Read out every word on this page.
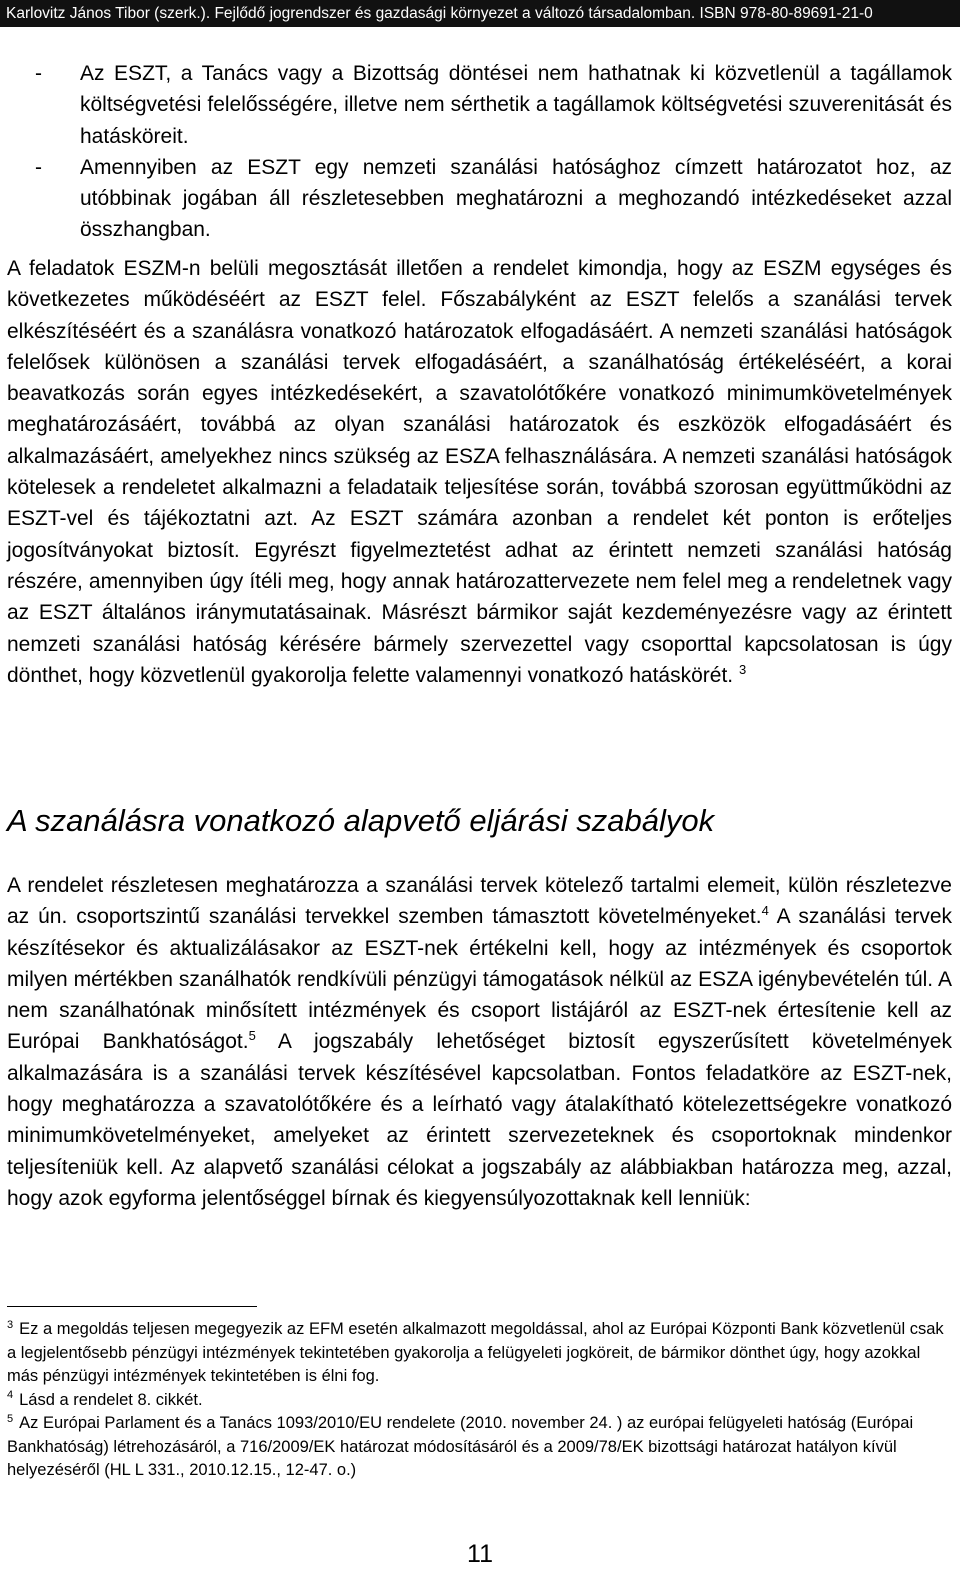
Karlovitz János Tibor (szerk.). Fejlődő jogrendszer és gazdasági környezet a változó társadalomban. ISBN 978-80-89691-21-0
- Az ESZT, a Tanács vagy a Bizottság döntései nem hathatnak ki közvetlenül a tagállamok költségvetési felelősségére, illetve nem sérthetik a tagállamok költségvetési szuverenitását és hatásköreit.
- Amennyiben az ESZT egy nemzeti szanálási hatósághoz címzett határozatot hoz, az utóbbinak jogában áll részletesebben meghatározni a meghozandó intézkedéseket azzal összhangban.

A feladatok ESZM-n belüli megosztását illetően a rendelet kimondja, hogy az ESZM egységes és következetes működéséért az ESZT felel. Főszabályként az ESZT felelős a szanálási tervek elkészítéséért és a szanálásra vonatkozó határozatok elfogadásáért. A nemzeti szanálási hatóságok felelősek különösen a szanálási tervek elfogadásáért, a szanálhatóság értékeléséért, a korai beavatkozás során egyes intézkedésekért, a szavatolótőkére vonatkozó minimumkövetelmények meghatározásáért, továbbá az olyan szanálási határozatok és eszközök elfogadásáért és alkalmazásáért, amelyekhez nincs szükség az ESZA felhasználására. A nemzeti szanálási hatóságok kötelesek a rendeletet alkalmazni a feladataik teljesítése során, továbbá szorosan együttműködni az ESZT-vel és tájékoztatni azt. Az ESZT számára azonban a rendelet két ponton is erőteljes jogosítványokat biztosít. Egyrészt figyelmeztetést adhat az érintett nemzeti szanálási hatóság részére, amennyiben úgy ítéli meg, hogy annak határozattervezete nem felel meg a rendeletnek vagy az ESZT általános iránymutatásainak. Másrészt bármikor saját kezdeményezésre vagy az érintett nemzeti szanálási hatóság kérésére bármely szervezettel vagy csoporttal kapcsolatosan is úgy dönthet, hogy közvetlenül gyakorolja felette valamennyi vonatkozó hatáskörét. $^3$

A szanálásra vonatkozó alapvető eljárási szabályok

A rendelet részletesen meghatározza a szanálási tervek kötelező tartalmi elemeit, külön részletezve az ún. csoportszintű szanálási tervekkel szemben támasztott követelményeket.$^4$ A szanálási tervek készítésekor és aktualizálásakor az ESZT-nek értékelni kell, hogy az intézmények és csoportok milyen mértékben szanálhatók rendkívüli pénzügyi támogatások nélkül az ESZA igénybevételén túl. A nem szanálhatónak minősített intézmények és csoport listájáról az ESZT-nek értesítenie kell az Európai Bankhatóságot.$^5$ A jogszabály lehetőséget biztosít egyszerűsített követelmények alkalmazására is a szanálási tervek készítésével kapcsolatban. Fontos feladatköre az ESZT-nek, hogy meghatározza a szavatolótőkére és a leírható vagy átalakítható kötelezettségekre vonatkozó minimumkövetelményeket, amelyeket az érintett szervezeteknek és csoportoknak mindenkor teljesíteniük kell. Az alapvető szanálási célokat a jogszabály az alábbiakban határozza meg, azzal, hogy azok egyforma jelentőséggel bírnak és kiegyensúlyozottaknak kell lenniük:

$^3$ Ez a megoldás teljesen megegyezik az EFM esetén alkalmazott megoldással, ahol az Európai Központi Bank közvetlenül csak a legjelentősebb pénzügyi intézmények tekintetében gyakorolja a felügyeleti jogköreit, de bármikor dönthet úgy, hogy azokkal más pénzügyi intézmények tekintetében is élni fog.
$^4$ Lásd a rendelet 8. cikkét.
$^5$ Az Európai Parlament és a Tanács 1093/2010/EU rendelete (2010. november 24. ) az európai felügyeleti hatóság (Európai Bankhatóság) létrehozásáról, a 716/2009/EK határozat módosításáról és a 2009/78/EK bizottsági határozat hatályon kívül helyezéséről (HL L 331., 2010.12.15., 12-47. o.)
11
